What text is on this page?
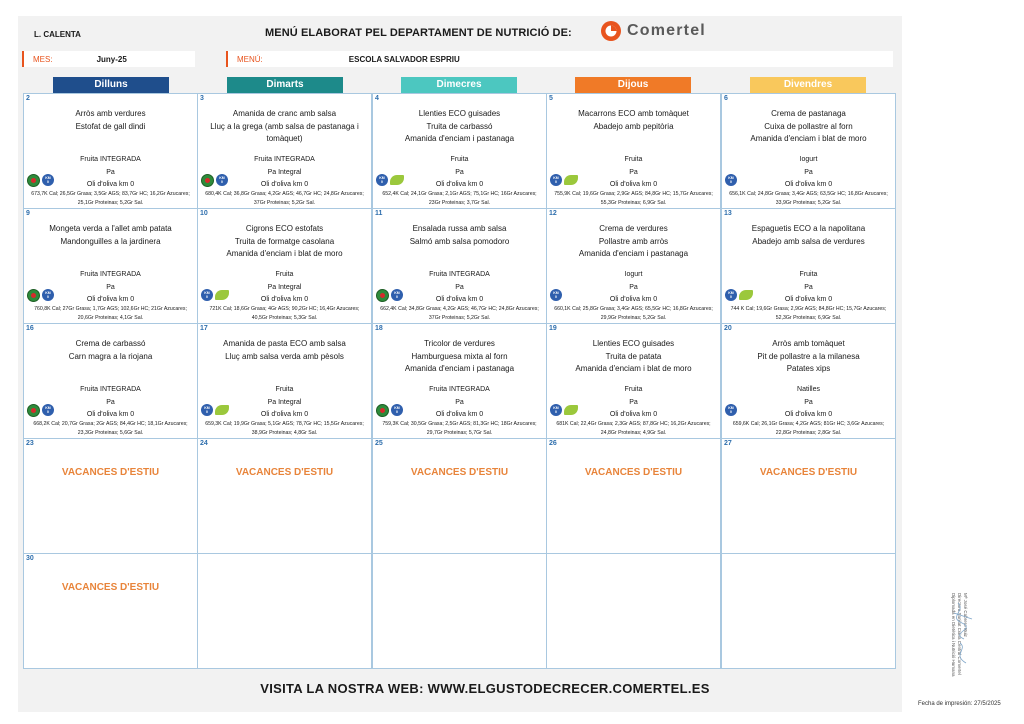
L. CALENTA	MENÚ ELABORAT PEL DEPARTAMENT DE NUTRICIÓ DE:	Comertel
MES:	Juny-25	MENÚ:	ESCOLA SALVADOR ESPRIU
Dilluns	Dimarts	Dimecres	Dijous	Divendres
2
Arròs amb verdures
Estofat de gall dindi
Fruita INTEGRADA
Pa
Oli d'oliva km 0
673,7K Cal; 26,5Gr Grasa; 3,5Gr AGS; 83,7Gr HC; 16,2Gr Azucares; 25,1Gr Proteinas; 5,2Gr Sal.
KM
0
3
Amanida de cranc amb salsa
Lluç a la grega (amb salsa de pastanaga i tomàquet)
Fruita INTEGRADA
Pa Integral
Oli d'oliva km 0
680,4K Cal; 36,8Gr Grasa; 4,2Gr AGS; 46,7Gr HC; 24,8Gr Azucares; 37Gr Proteinas; 5,2Gr Sal.
KM
0
4
Llenties ECO guisades
Truita de carbassó
Amanida d'enciam i pastanaga
Fruita
Pa
Oli d'oliva km 0
652,4K Cal; 24,1Gr Grasa; 2,1Gr AGS; 75,1Gr HC; 16Gr Azucares; 23Gr Proteinas; 3,7Gr Sal.
KM
0
5
Macarrons ECO amb tomàquet
Abadejo amb pepitòria
Fruita
Pa
Oli d'oliva km 0
755,9K Cal; 19,6Gr Grasa; 2,9Gr AGS; 84,8Gr HC; 15,7Gr Azucares; 55,3Gr Proteinas; 6,9Gr Sal.
KM
0
6
Crema de pastanaga
Cuixa de pollastre al forn
Amanida d'enciam i blat de moro
Iogurt
Pa
Oli d'oliva km 0
656,1K Cal; 24,8Gr Grasa; 3,4Gr AGS; 63,5Gr HC; 16,8Gr Azucares; 33,9Gr Proteinas; 5,2Gr Sal.
KM
0
9
Mongeta verda a l'allet amb patata
Mandonguilles a la jardinera
Fruita INTEGRADA
Pa
Oli d'oliva km 0
760,8K Cal; 27Gr Grasa; 1,7Gr AGS; 102,6Gr HC; 21Gr Azucares; 20,6Gr Proteinas; 4,1Gr Sal.
KM
0
10
Cigrons ECO estofats
Truita de formatge casolana
Amanida d'enciam i blat de moro
Fruita
Pa Integral
Oli d'oliva km 0
721K Cal; 18,6Gr Grasa; 4Gr AGS; 90,2Gr HC; 16,4Gr Azucares; 40,5Gr Proteinas; 5,3Gr Sal.
KM
0
11
Ensalada russa amb salsa
Salmó amb salsa pomodoro
Fruita INTEGRADA
Pa
Oli d'oliva km 0
662,4K Cal; 34,8Gr Grasa; 4,2Gr AGS; 46,7Gr HC; 24,8Gr Azucares; 37Gr Proteinas; 5,2Gr Sal.
KM
0
12
Crema de verdures
Pollastre amb arròs
Amanida d'enciam i pastanaga
Iogurt
Pa
Oli d'oliva km 0
660,1K Cal; 25,8Gr Grasa; 3,4Gr AGS; 65,5Gr HC; 16,8Gr Azucares; 29,9Gr Proteinas; 5,2Gr Sal.
KM
0
13
Espaguetis ECO a la napolitana
Abadejo amb salsa de verdures
Fruita
Pa
Oli d'oliva km 0
744 K Cal; 19,6Gr Grasa; 2,9Gr AGS; 84,8Gr HC; 15,7Gr Azucares; 52,3Gr Proteinas; 6,9Gr Sal.
KM
0
16
Crema de carbassó
Carn magra a la riojana
Fruita INTEGRADA
Pa
Oli d'oliva km 0
668,2K Cal; 20,7Gr Grasa; 2Gr AGS; 84,4Gr HC; 18,1Gr Azucares; 23,3Gr Proteinas; 5,6Gr Sal.
KM
0
17
Amanida de pasta ECO amb salsa
Lluç amb salsa verda amb pèsols
Fruita
Pa Integral
Oli d'oliva km 0
659,3K Cal; 19,9Gr Grasa; 5,1Gr AGS; 78,7Gr HC; 15,5Gr Azucares; 38,9Gr Proteinas; 4,8Gr Sal.
KM
0
18
Tricolor de verdures
Hamburguesa mixta al forn
Amanida d'enciam i pastanaga
Fruita INTEGRADA
Pa
Oli d'oliva km 0
759,3K Cal; 30,5Gr Grasa; 2,5Gr AGS; 81,3Gr HC; 18Gr Azucares; 29,7Gr Proteinas; 5,7Gr Sal.
KM
0
19
Llenties ECO guisades
Truita de patata
Amanida d'enciam i blat de moro
Fruita
Pa
Oli d'oliva km 0
681K Cal; 22,4Gr Grasa; 2,3Gr AGS; 87,8Gr HC; 16,2Gr Azucares; 24,8Gr Proteinas; 4,9Gr Sal.
KM
0
20
Arròs amb tomàquet
Pit de pollastre a la milanesa
Patates xips
Natilles
Pa
Oli d'oliva km 0
659,6K Cal; 26,1Gr Grasa; 4,2Gr AGS; 81Gr HC; 3,6Gr Azucares; 22,8Gr Proteinas; 2,8Gr Sal.
KM
0
23
VACANCES D'ESTIU
24
VACANCES D'ESTIU
25
VACANCES D'ESTIU
26
VACANCES D'ESTIU
27
VACANCES D'ESTIU
30
VACANCES D'ESTIU
VISITA LA NOSTRA WEB: WWW.ELGUSTODECRECER.COMERTEL.ES
Fecha de impresión: 27/5/2025
Mª José Cabrero Ruiz
Directora Sanitat Cuina Central Comertel
Diplomada en Dietètica i Nutrició Humana
